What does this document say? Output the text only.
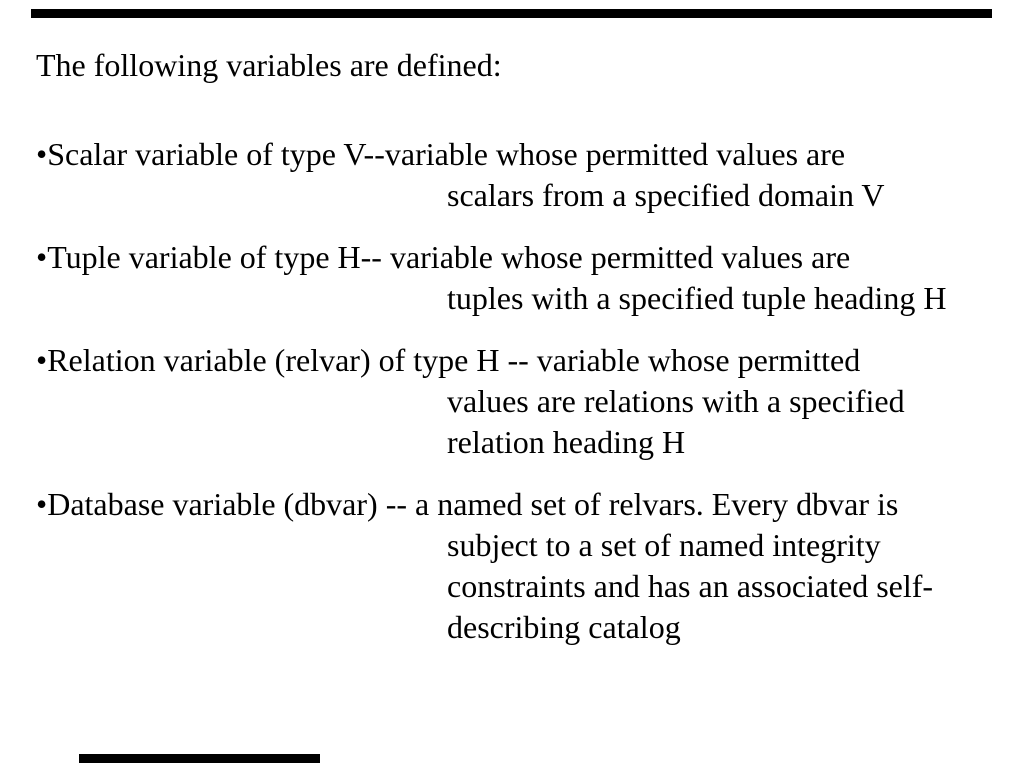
The following variables are defined:
•Scalar variable of type V--variable whose permitted values are
scalars from a specified domain V
•Tuple variable of type H-- variable whose permitted values are
tuples with a specified tuple heading H
•Relation variable (relvar) of type H -- variable whose permitted
values are relations with a specified
relation heading H
•Database variable (dbvar) -- a named set of relvars. Every dbvar is
subject to a set of named integrity
constraints and has an associated self-
describing catalog
